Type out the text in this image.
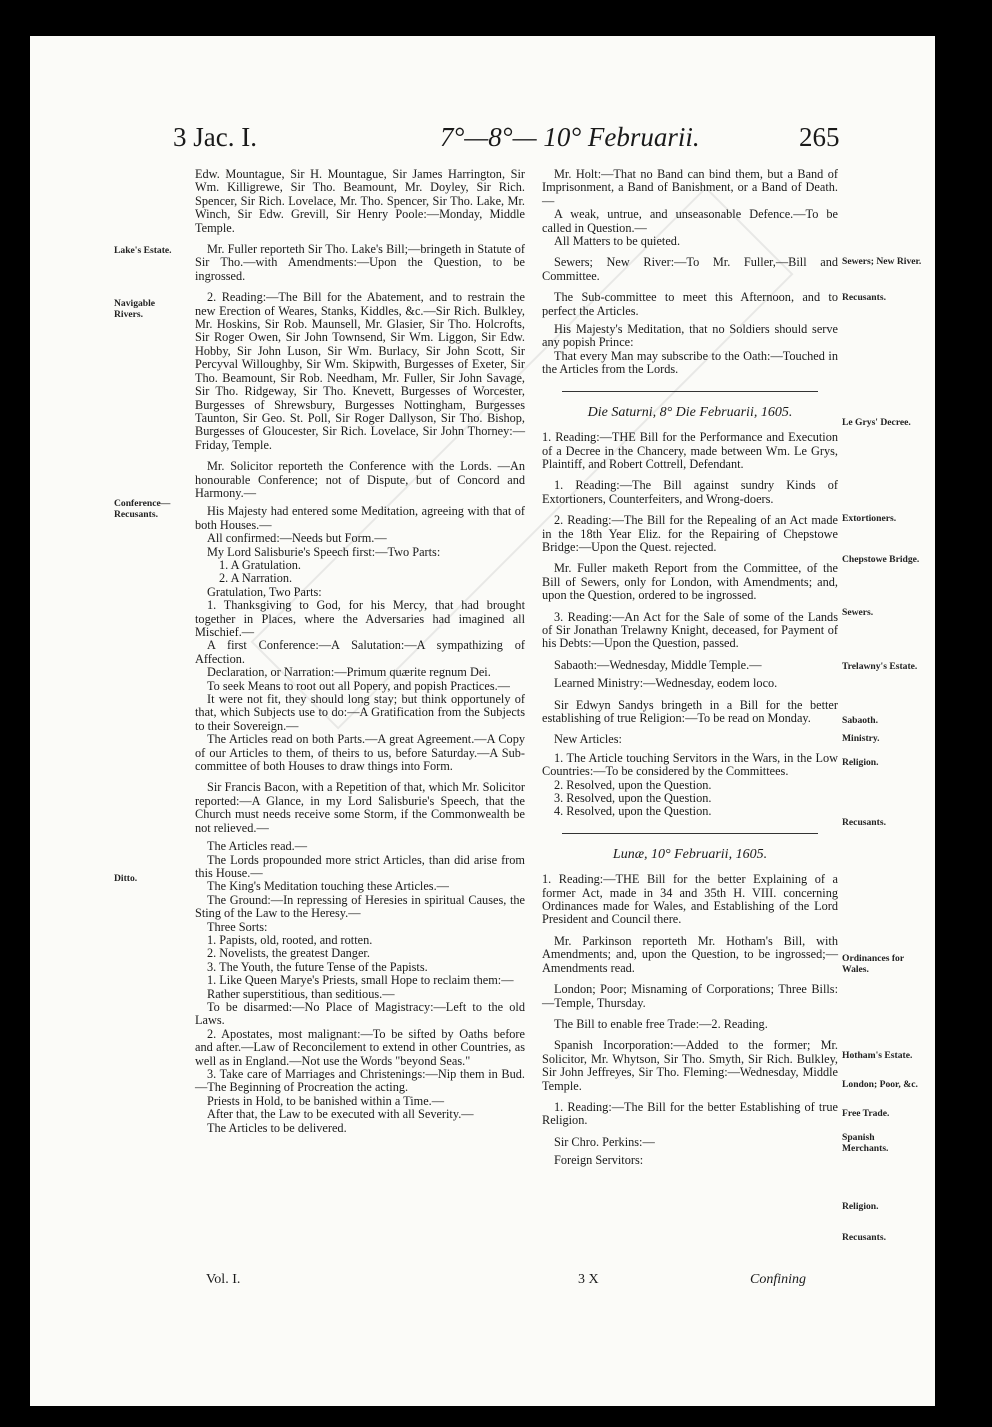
3 Jac. I.	7°—8°— 10° Februarii.	265

Edw. Mountague, Sir H. Mountague, Sir James Harrington, Sir Wm. Killigrewe, Sir Tho. Beamount, Mr. Doyley, Sir Rich. Spencer, Sir Rich. Lovelace, Mr. Tho. Spencer, Sir Tho. Lake, Mr. Winch, Sir Edw. Grevill, Sir Henry Poole:—Monday, Middle Temple.

Mr. Fuller reporteth Sir Tho. Lake's Bill;—bringeth in Statute of Sir Tho.—with Amendments:—Upon the Question, to be ingrossed.

2. Reading:—The Bill for the Abatement, and to restrain the new Erection of Weares, Stanks, Kiddles, &c.—Sir Rich. Bulkley, Mr. Hoskins, Sir Rob. Maunsell, Mr. Glasier, Sir Tho. Holcrofts, Sir Roger Owen, Sir John Townsend, Sir Wm. Liggon, Sir Edw. Hobby, Sir John Luson, Sir Wm. Burlacy, Sir John Scott, Sir Percyval Willoughby, Sir Wm. Skipwith, Burgesses of Exeter, Sir Tho. Beamount, Sir Rob. Needham, Mr. Fuller, Sir John Savage, Sir Tho. Ridgeway, Sir Tho. Knevett, Burgesses of Worcester, Burgesses of Shrewsbury, Burgesses Nottingham, Burgesses Taunton, Sir Geo. St. Poll, Sir Roger Dallyson, Sir Tho. Bishop, Burgesses of Gloucester, Sir Rich. Lovelace, Sir John Thorney:—Friday, Temple.

Mr. Solicitor reporteth the Conference with the Lords. —An honourable Conference; not of Dispute, but of Concord and Harmony.—

His Majesty had entered some Meditation, agreeing with that of both Houses.—

All confirmed:—Needs but Form.—

My Lord Salisburie's Speech first:—Two Parts:

1. A Gratulation.

2. A Narration.

Gratulation, Two Parts:

1. Thanksgiving to God, for his Mercy, that had brought together in Places, where the Adversaries had imagined all Mischief.—

A first Conference:—A Salutation:—A sympathizing of Affection.

Declaration, or Narration:—Primum quærite regnum Dei.

To seek Means to root out all Popery, and popish Practices.—

It were not fit, they should long stay; but think opportunely of that, which Subjects use to do:—A Gratification from the Subjects to their Sovereign.—

The Articles read on both Parts.—A great Agreement.—A Copy of our Articles to them, of theirs to us, before Saturday.—A Sub-committee of both Houses to draw things into Form.

Sir Francis Bacon, with a Repetition of that, which Mr. Solicitor reported:—A Glance, in my Lord Salisburie's Speech, that the Church must needs receive some Storm, if the Commonwealth be not relieved.—

The Articles read.—

The Lords propounded more strict Articles, than did arise from this House.—

The King's Meditation touching these Articles.—

The Ground:—In repressing of Heresies in spiritual Causes, the Sting of the Law to the Heresy.—

Three Sorts:

1. Papists, old, rooted, and rotten.

2. Novelists, the greatest Danger.

3. The Youth, the future Tense of the Papists.

1. Like Queen Marye's Priests, small Hope to reclaim them:—

Rather superstitious, than seditious.—

To be disarmed:—No Place of Magistracy:—Left to the old Laws.

2. Apostates, most malignant:—To be sifted by Oaths before and after.—Law of Reconcilement to extend in other Countries, as well as in England.—Not use the Words "beyond Seas."

3. Take care of Marriages and Christenings:—Nip them in Bud.—The Beginning of Procreation the acting.

Priests in Hold, to be banished within a Time.—

After that, the Law to be executed with all Severity.—

The Articles to be delivered.

Mr. Holt:—That no Band can bind them, but a Band of Imprisonment, a Band of Banishment, or a Band of Death.—

A weak, untrue, and unseasonable Defence.—To be called in Question.—

All Matters to be quieted.

Sewers; New River:—To Mr. Fuller,—Bill and Committee.

The Sub-committee to meet this Afternoon, and to perfect the Articles.

His Majesty's Meditation, that no Soldiers should serve any popish Prince:

That every Man may subscribe to the Oath:—Touched in the Articles from the Lords.

Die Saturni, 8° Die Februarii, 1605.

1. Reading:—THE Bill for the Performance and Execution of a Decree in the Chancery, made between Wm. Le Grys, Plaintiff, and Robert Cottrell, Defendant.

1. Reading:—The Bill against sundry Kinds of Extortioners, Counterfeiters, and Wrong-doers.

2. Reading:—The Bill for the Repealing of an Act made in the 18th Year Eliz. for the Repairing of Chepstowe Bridge:—Upon the Quest. rejected.

Mr. Fuller maketh Report from the Committee, of the Bill of Sewers, only for London, with Amendments; and, upon the Question, ordered to be ingrossed.

3. Reading:—An Act for the Sale of some of the Lands of Sir Jonathan Trelawny Knight, deceased, for Payment of his Debts:—Upon the Question, passed.

Sabaoth:—Wednesday, Middle Temple.—

Learned Ministry:—Wednesday, eodem loco.

Sir Edwyn Sandys bringeth in a Bill for the better establishing of true Religion:—To be read on Monday.

New Articles:

1. The Article touching Servitors in the Wars, in the Low Countries:—To be considered by the Committees.

2. Resolved, upon the Question.

3. Resolved, upon the Question.

4. Resolved, upon the Question.

Lunæ, 10° Februarii, 1605.

1. Reading:—THE Bill for the better Explaining of a former Act, made in 34 and 35th H. VIII. concerning Ordinances made for Wales, and Establishing of the Lord President and Council there.

Mr. Parkinson reporteth Mr. Hotham's Bill, with Amendments; and, upon the Question, to be ingrossed;—Amendments read.

London; Poor; Misnaming of Corporations; Three Bills:—Temple, Thursday.

The Bill to enable free Trade:—2. Reading.

Spanish Incorporation:—Added to the former; Mr. Solicitor, Mr. Whytson, Sir Tho. Smyth, Sir Rich. Bulkley, Sir John Jeffreyes, Sir Tho. Fleming:—Wednesday, Middle Temple.

1. Reading:—The Bill for the better Establishing of true Religion.

Sir Chro. Perkins:—

Foreign Servitors:

Lake's Estate.
Navigable Rivers.
Conference—Recusants.
Ditto.
Sewers; New River.
Recusants.
Le Grys' Decree.
Extortioners.
Chepstowe Bridge.
Sewers.
Trelawny's Estate.
Sabaoth.
Ministry.
Religion.
Recusants.
Ordinances for Wales.
Hotham's Estate.
London; Poor, &c.
Free Trade.
Spanish Merchants.
Religion.
Recusants.
Vol. I.	3 X	Confining
